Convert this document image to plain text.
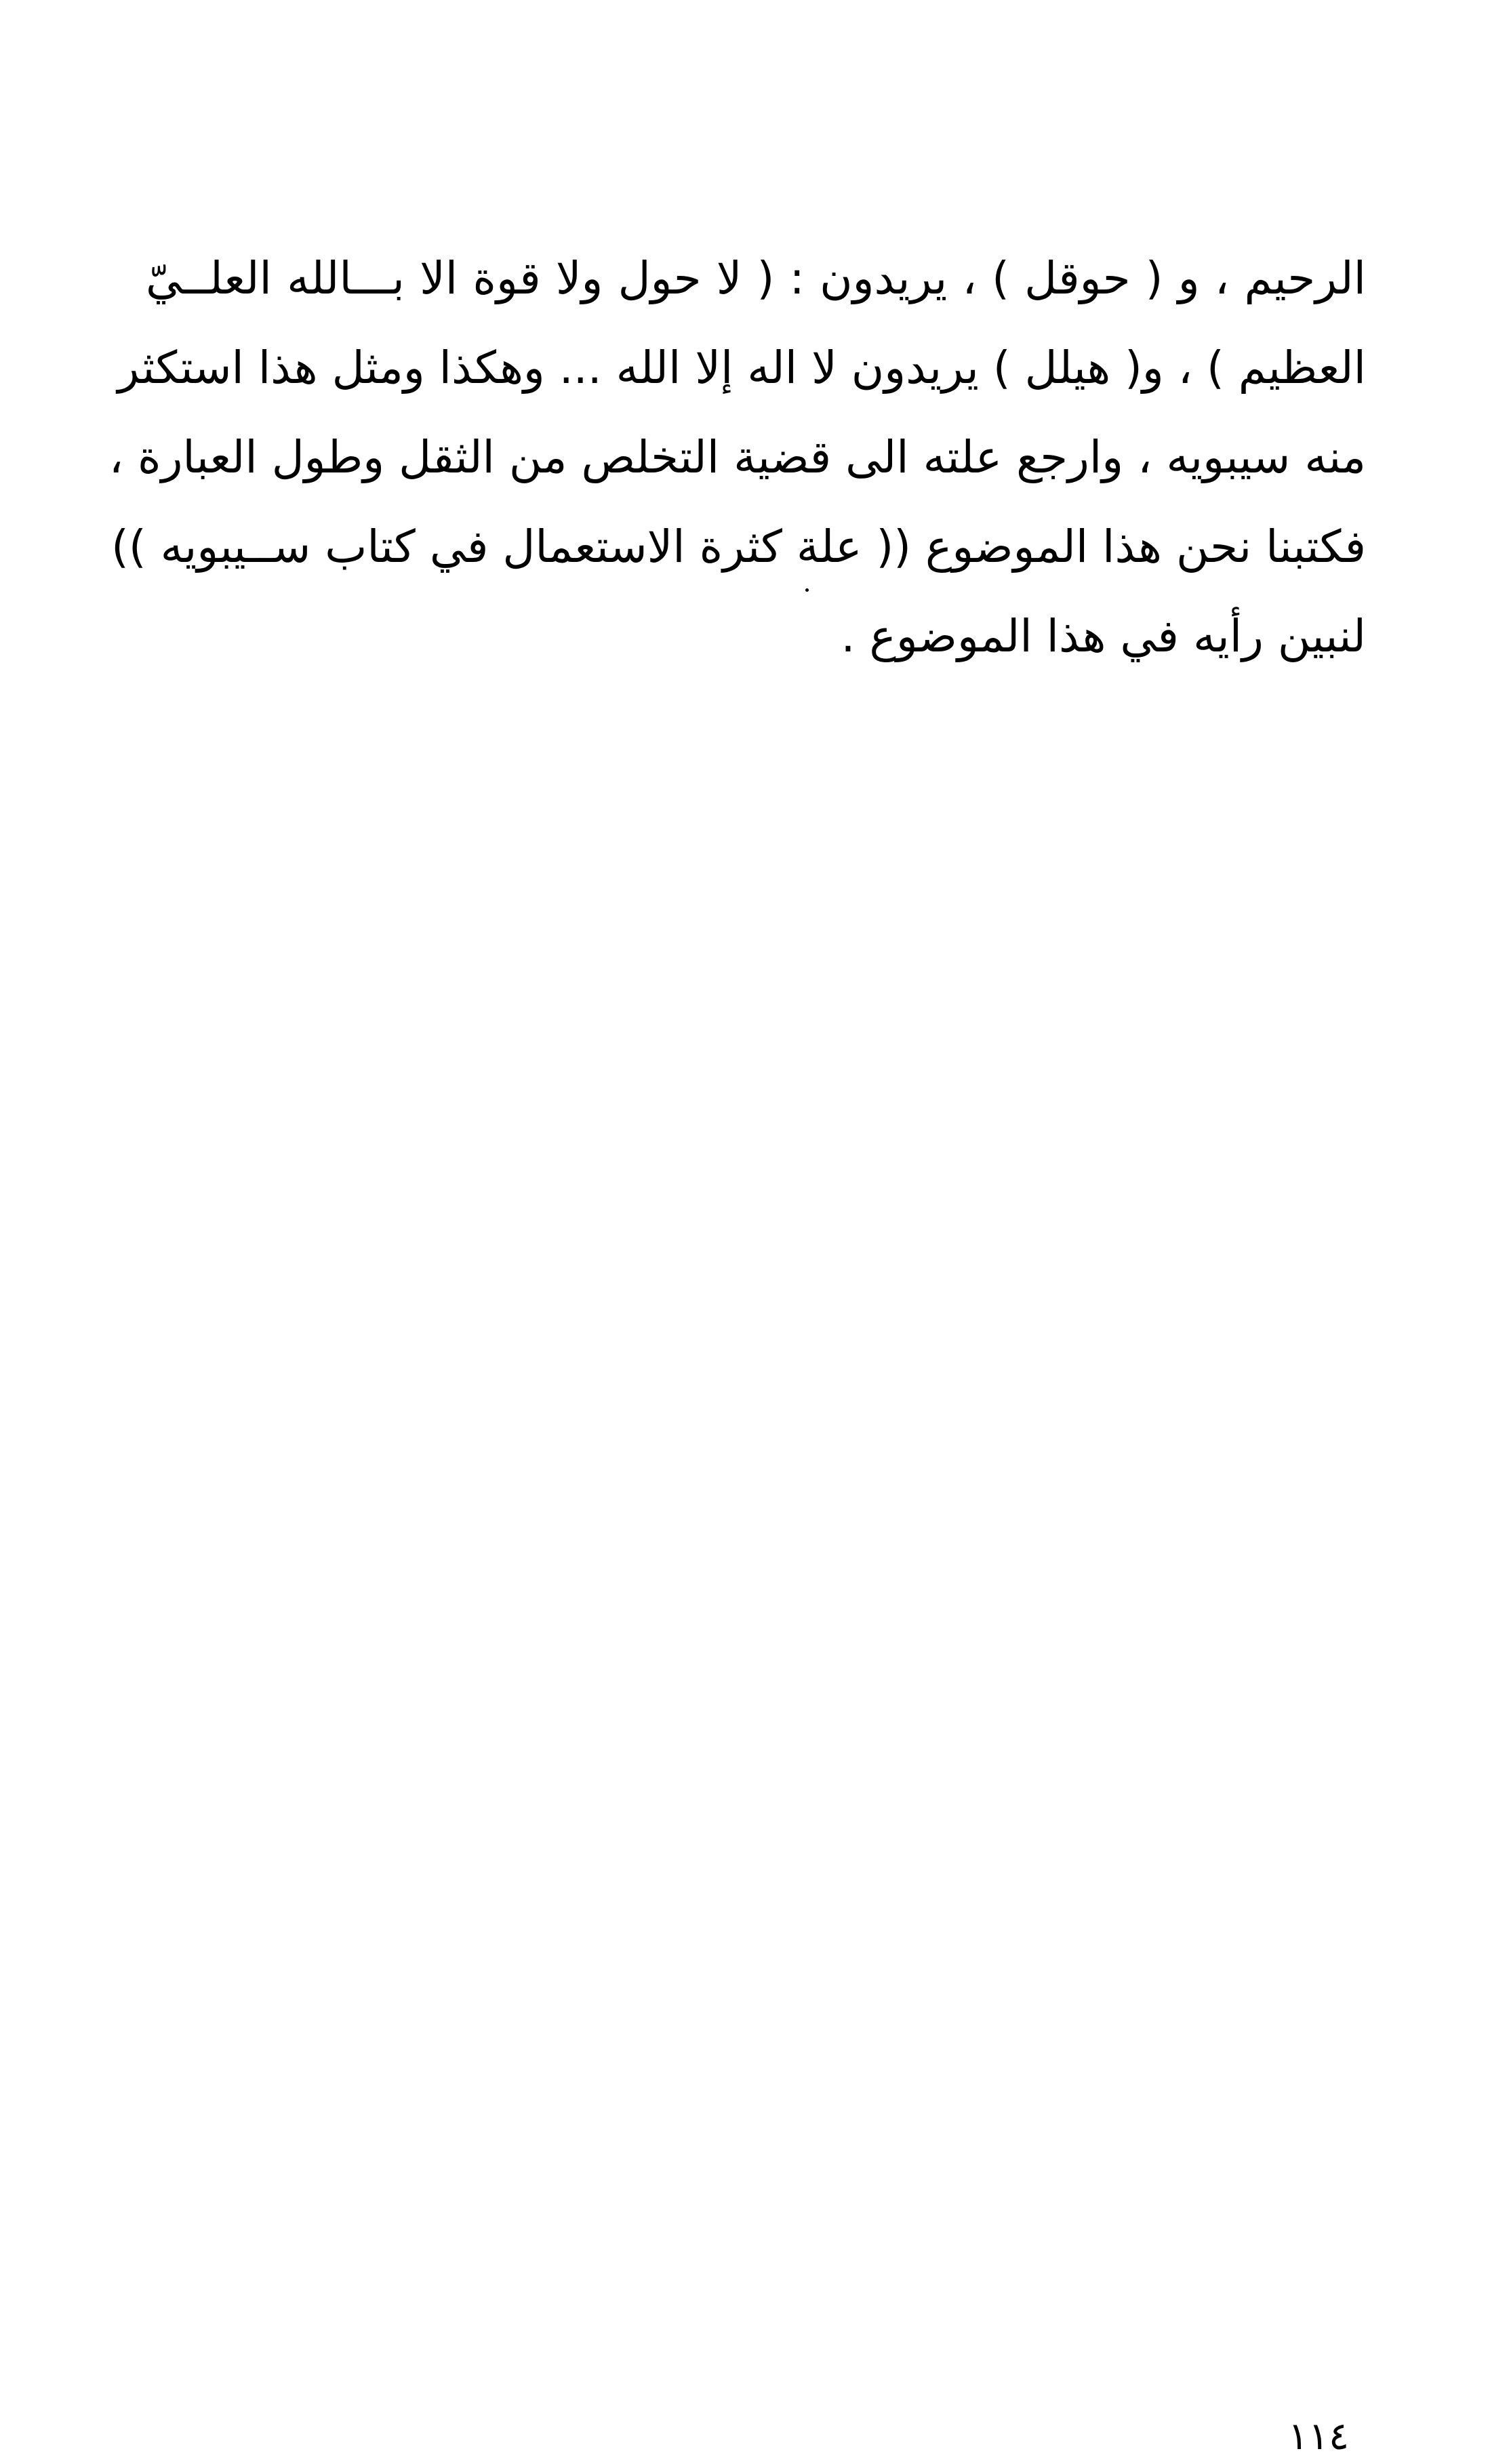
الرحيم ، و ( حوقل ) ، يريدون : ( لا حول ولا قوة الا بـــالله العلــيّ
العظيم ) ، و( هيلل ) يريدون لا اله إلا الله ... وهكذا ومثل هذا استكثر
منه سيبويه ، وارجع علته الى قضية التخلص من الثقل وطول العبارة ،
فكتبنا نحن هذا الموضوع (( علة كثرة الاستعمال في كتاب ســيبويه ))
لنبين رأيه في هذا الموضوع .
١١٤
